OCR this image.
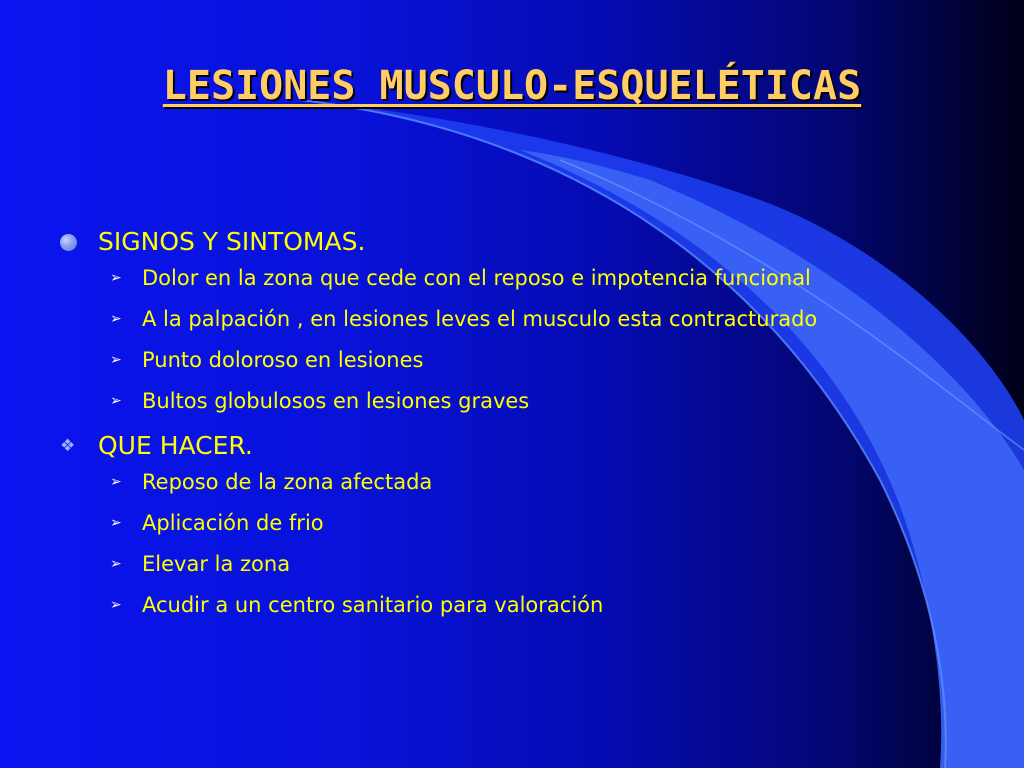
LESIONES MUSCULO-ESQUELÉTICAS
SIGNOS Y SINTOMAS.
➢ Dolor en la zona que cede con el reposo e impotencia funcional
➢ A la palpación , en lesiones leves el musculo esta contracturado
➢ Punto doloroso en lesiones
➢ Bultos globulosos en lesiones graves
❖ QUE HACER.
➢ Reposo de la zona afectada
➢ Aplicación de frio
➢ Elevar la zona
➢ Acudir a un centro sanitario para valoración
